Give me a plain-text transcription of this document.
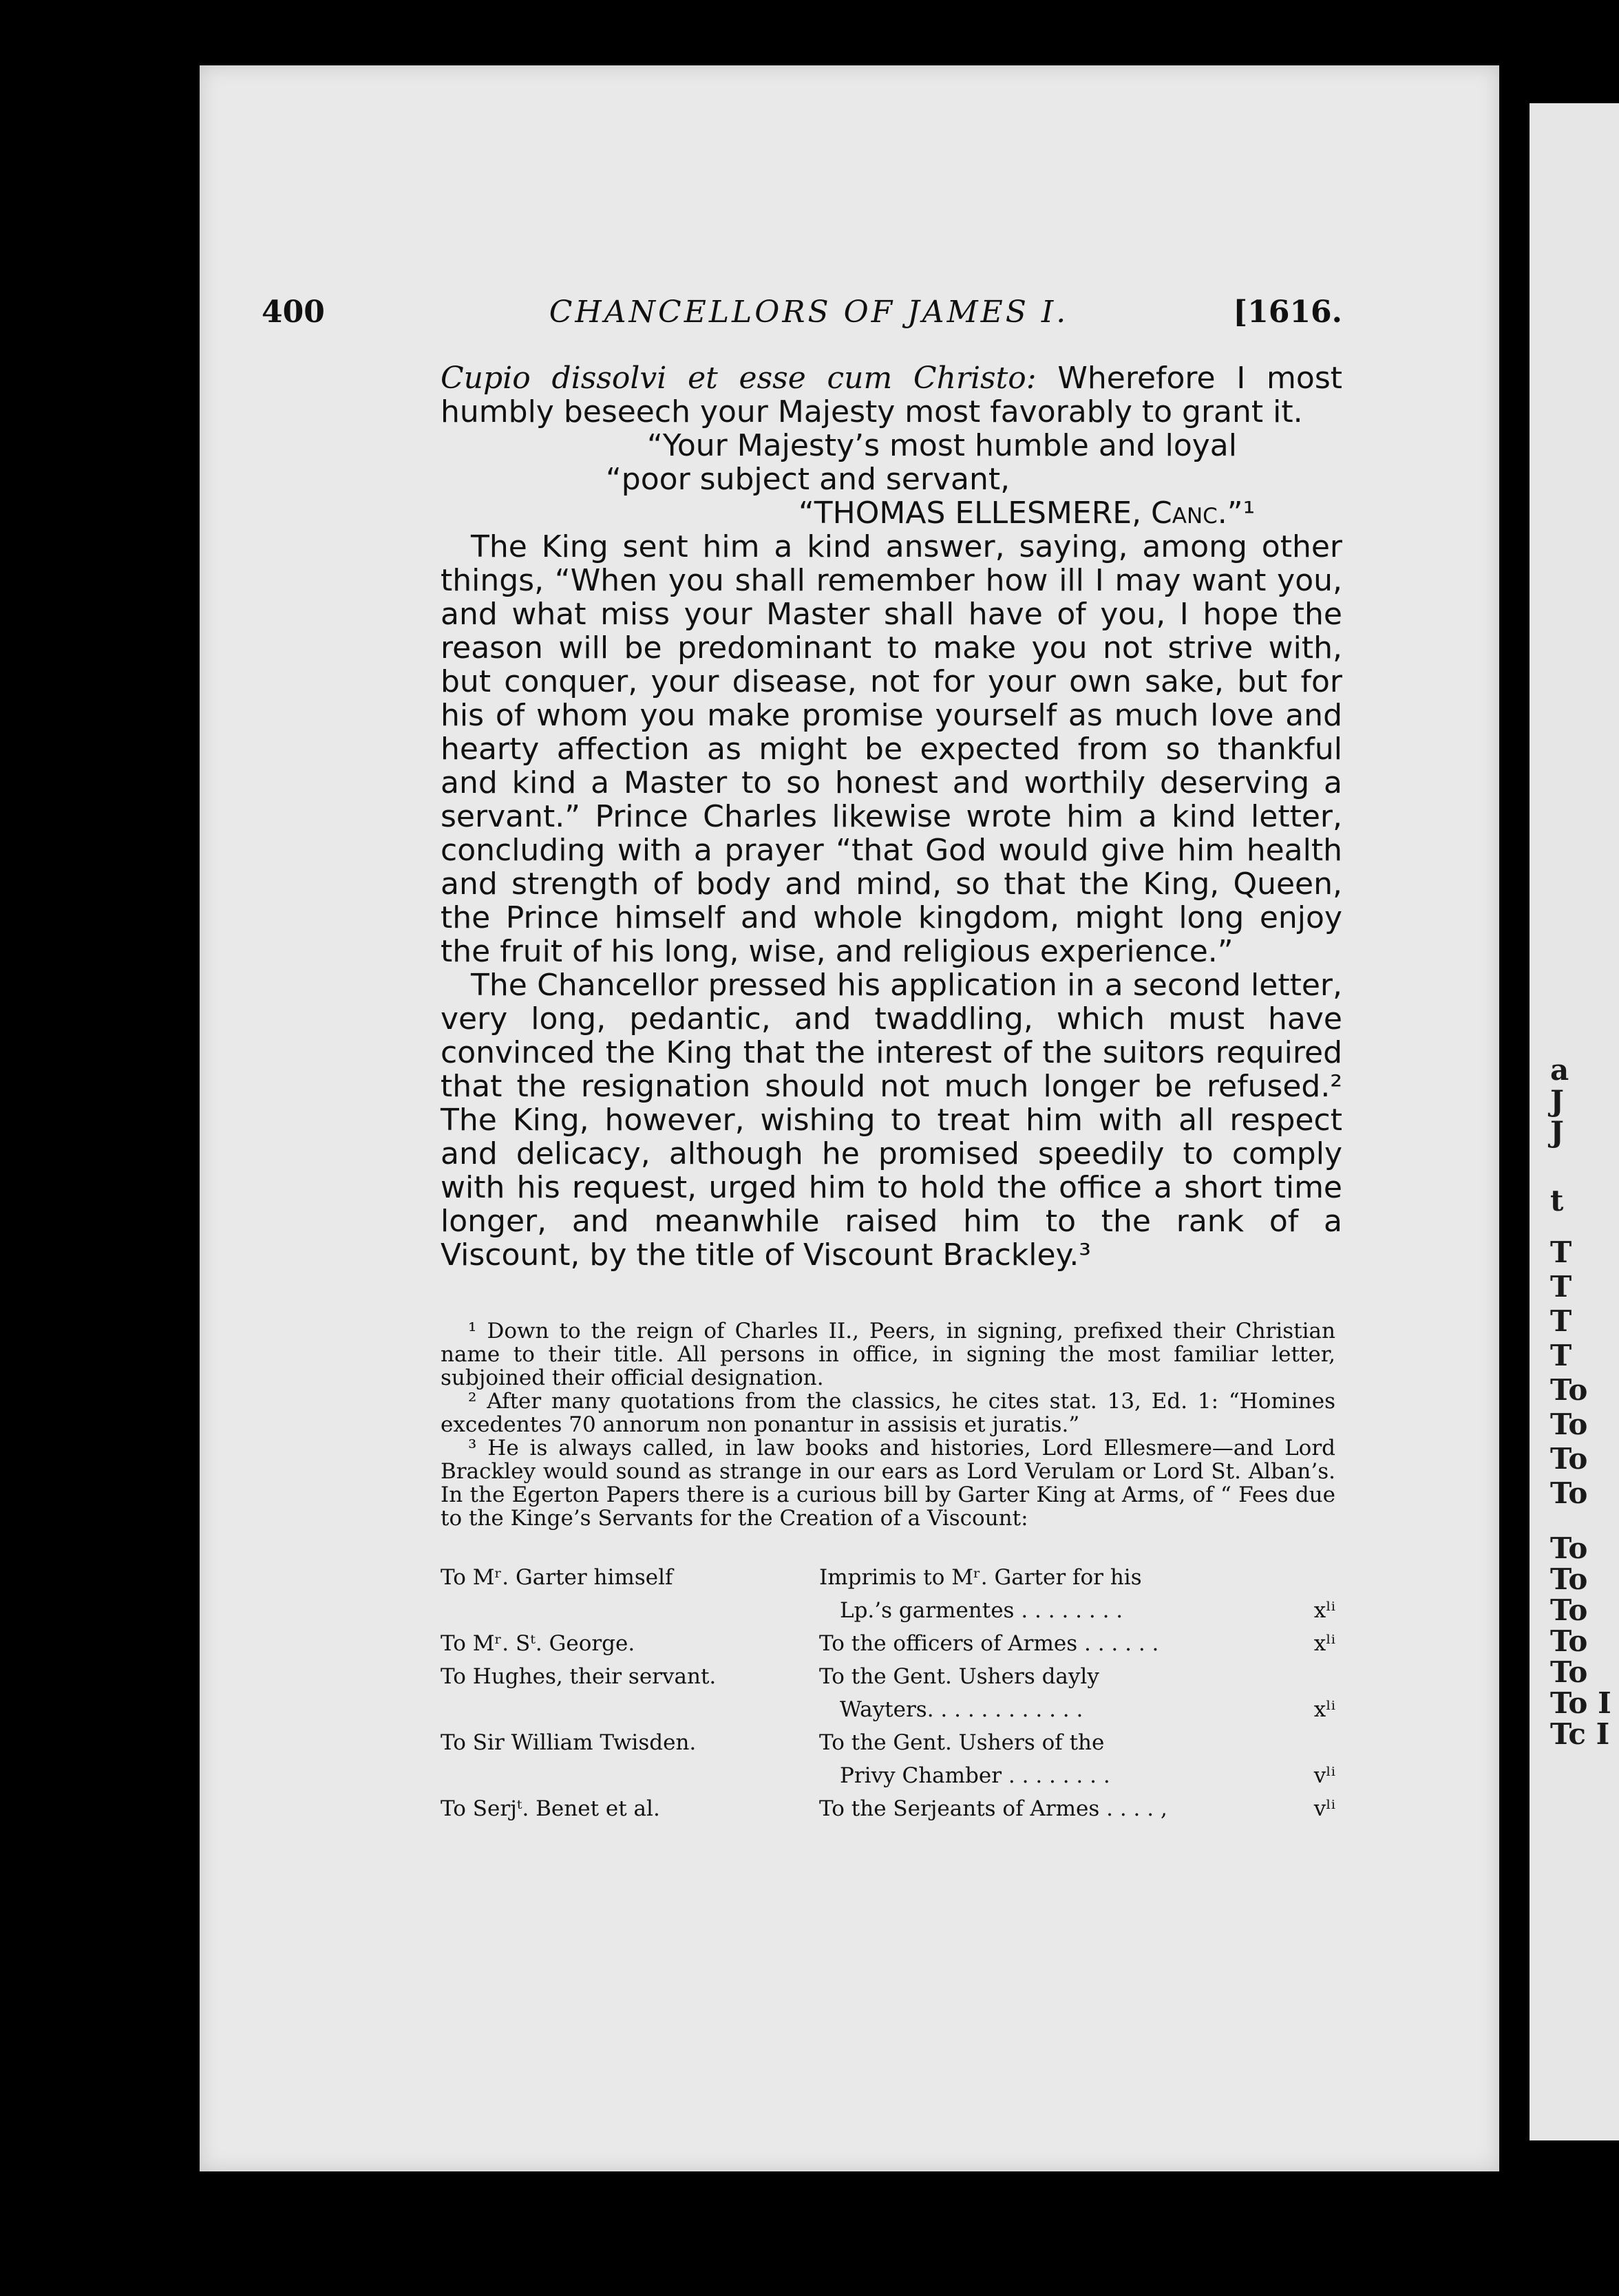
a
J
J
t
T
T
T
T
To
To
To
To
To
To
To
To
To
To I
Tc I
400	CHANCELLORS OF JAMES I.	[1616.

Cupio dissolvi et esse cum Christo: Wherefore I most humbly beseech your Majesty most favorably to grant it.

“Your Majesty’s most humble and loyal

“poor subject and servant,

“THOMAS ELLESMERE, Canc.”¹

The King sent him a kind answer, saying, among other things, “When you shall remember how ill I may want you, and what miss your Master shall have of you, I hope the reason will be predominant to make you not strive with, but conquer, your disease, not for your own sake, but for his of whom you make promise yourself as much love and hearty affection as might be expected from so thankful and kind a Master to so honest and worthily deserving a servant.” Prince Charles likewise wrote him a kind letter, concluding with a prayer “that God would give him health and strength of body and mind, so that the King, Queen, the Prince himself and whole kingdom, might long enjoy the fruit of his long, wise, and religious experience.”

The Chancellor pressed his application in a second letter, very long, pedantic, and twaddling, which must have convinced the King that the interest of the suitors required that the resignation should not much longer be refused.² The King, however, wishing to treat him with all respect and delicacy, although he promised speedily to comply with his request, urged him to hold the office a short time longer, and meanwhile raised him to the rank of a Viscount, by the title of Viscount Brackley.³

¹ Down to the reign of Charles II., Peers, in signing, prefixed their Christian name to their title. All persons in office, in signing the most familiar letter, subjoined their official designation.

² After many quotations from the classics, he cites stat. 13, Ed. 1: “Homines excedentes 70 annorum non ponantur in assisis et juratis.”

³ He is always called, in law books and histories, Lord Ellesmere—and Lord Brackley would sound as strange in our ears as Lord Verulam or Lord St. Alban’s. In the Egerton Papers there is a curious bill by Garter King at Arms, of “ Fees due to the Kinge’s Servants for the Creation of a Viscount:

To Mʳ. Garter himself	Imprimis to Mʳ. Garter for his
Lp.’s garmentes . . . . . . . .	xˡⁱ
To Mʳ. Sᵗ. George.	To the officers of Armes . . . . . .	xˡⁱ
To Hughes, their servant.	To the Gent. Ushers dayly
Wayters. . . . . . . . . . . .	xˡⁱ
To Sir William Twisden.	To the Gent. Ushers of the
Privy Chamber . . . . . . . .	vˡⁱ
To Serjᵗ. Benet et al.	To the Serjeants of Armes . . . . ,	vˡⁱ
